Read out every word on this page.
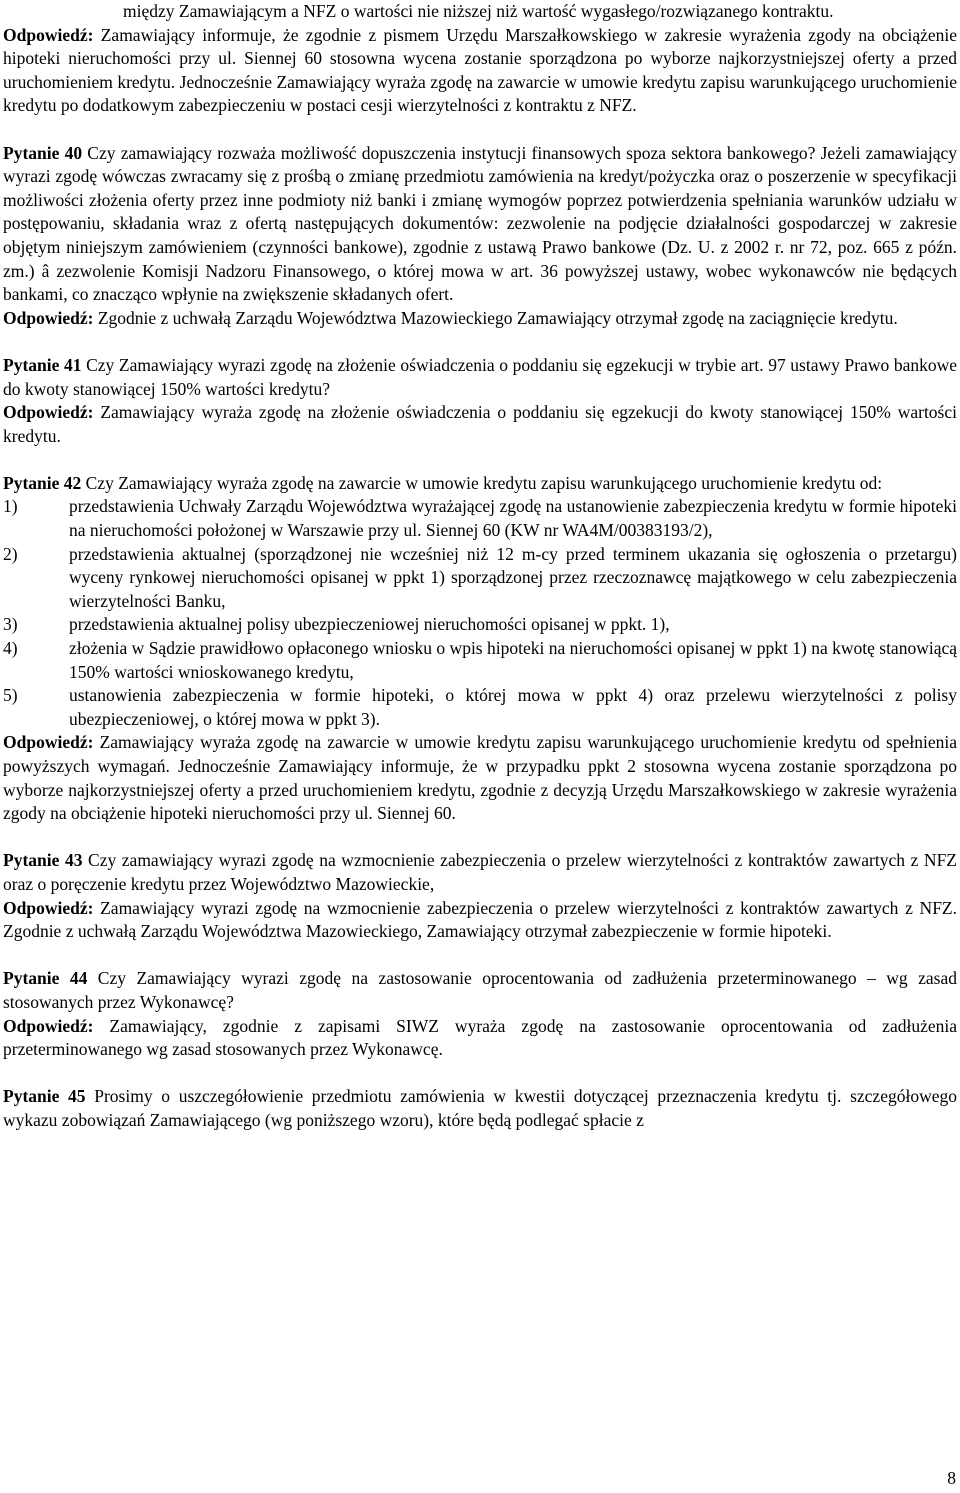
między Zamawiającym a NFZ o wartości nie niższej niż wartość wygasłego/rozwiązanego kontraktu.

Odpowiedź: Zamawiający informuje, że zgodnie z pismem Urzędu Marszałkowskiego w zakresie wyrażenia zgody na obciążenie hipoteki nieruchomości przy ul. Siennej 60 stosowna wycena zostanie sporządzona po wyborze najkorzystniejszej oferty a przed uruchomieniem kredytu. Jednocześnie Zamawiający wyraża zgodę na zawarcie w umowie kredytu zapisu warunkującego uruchomienie kredytu po dodatkowym zabezpieczeniu w postaci cesji wierzytelności z kontraktu z NFZ.

Pytanie 40 Czy zamawiający rozważa możliwość dopuszczenia instytucji finansowych spoza sektora bankowego? Jeżeli zamawiający wyrazi zgodę wówczas zwracamy się z prośbą o zmianę przedmiotu zamówienia na kredyt/pożyczka oraz o poszerzenie w specyfikacji możliwości złożenia oferty przez inne podmioty niż banki i zmianę wymogów poprzez potwierdzenia spełniania warunków udziału w postępowaniu, składania wraz z ofertą następujących dokumentów: zezwolenie na podjęcie działalności gospodarczej w zakresie objętym niniejszym zamówieniem (czynności bankowe), zgodnie z ustawą Prawo bankowe (Dz. U. z 2002 r. nr 72, poz. 665 z późn. zm.) â zezwolenie Komisji Nadzoru Finansowego, o której mowa w art. 36 powyższej ustawy, wobec wykonawców nie będących bankami, co znacząco wpłynie na zwiększenie składanych ofert.

Odpowiedź: Zgodnie z uchwałą Zarządu Województwa Mazowieckiego Zamawiający otrzymał zgodę na zaciągnięcie kredytu.

Pytanie 41 Czy Zamawiający wyrazi zgodę na złożenie oświadczenia o poddaniu się egzekucji w trybie art. 97 ustawy Prawo bankowe do kwoty stanowiącej 150% wartości kredytu?

Odpowiedź: Zamawiający wyraża zgodę na złożenie oświadczenia o poddaniu się egzekucji do kwoty stanowiącej 150% wartości kredytu.

Pytanie 42 Czy Zamawiający wyraża zgodę na zawarcie w umowie kredytu zapisu warunkującego uruchomienie kredytu od:

1)	przedstawienia Uchwały Zarządu Województwa wyrażającej zgodę na ustanowienie zabezpieczenia kredytu w formie hipoteki na nieruchomości położonej w Warszawie przy ul. Siennej 60 (KW nr WA4M/00383193/2),
2)	przedstawienia aktualnej (sporządzonej nie wcześniej niż 12 m-cy przed terminem ukazania się ogłoszenia o przetargu) wyceny rynkowej nieruchomości opisanej w ppkt 1) sporządzonej przez rzeczoznawcę majątkowego w celu zabezpieczenia wierzytelności Banku,
3)	przedstawienia aktualnej polisy ubezpieczeniowej nieruchomości opisanej w ppkt. 1),
4)	złożenia w Sądzie prawidłowo opłaconego wniosku o wpis hipoteki na nieruchomości opisanej w ppkt 1) na kwotę stanowiącą 150% wartości wnioskowanego kredytu,
5)	ustanowienia zabezpieczenia w formie hipoteki, o której mowa w ppkt 4) oraz przelewu wierzytelności z polisy ubezpieczeniowej, o której mowa w ppkt 3).

Odpowiedź: Zamawiający wyraża zgodę na zawarcie w umowie kredytu zapisu warunkującego uruchomienie kredytu od spełnienia powyższych wymagań. Jednocześnie Zamawiający informuje, że w przypadku ppkt 2 stosowna wycena zostanie sporządzona po wyborze najkorzystniejszej oferty a przed uruchomieniem kredytu, zgodnie z decyzją Urzędu Marszałkowskiego w zakresie wyrażenia zgody na obciążenie hipoteki nieruchomości przy ul. Siennej 60.

Pytanie 43 Czy zamawiający wyrazi zgodę na wzmocnienie zabezpieczenia o przelew wierzytelności z kontraktów zawartych z NFZ oraz o poręczenie kredytu przez Województwo Mazowieckie,

Odpowiedź: Zamawiający wyrazi zgodę na wzmocnienie zabezpieczenia o przelew wierzytelności z kontraktów zawartych z NFZ. Zgodnie z uchwałą Zarządu Województwa Mazowieckiego, Zamawiający otrzymał zabezpieczenie w formie hipoteki.

Pytanie 44 Czy Zamawiający wyrazi zgodę na zastosowanie oprocentowania od zadłużenia przeterminowanego – wg zasad stosowanych przez Wykonawcę?

Odpowiedź: Zamawiający, zgodnie z zapisami SIWZ wyraża zgodę na zastosowanie oprocentowania od zadłużenia przeterminowanego wg zasad stosowanych przez Wykonawcę.

Pytanie 45 Prosimy o uszczegółowienie przedmiotu zamówienia w kwestii dotyczącej przeznaczenia kredytu tj. szczegółowego wykazu zobowiązań Zamawiającego (wg poniższego wzoru), które będą podlegać spłacie z

8
